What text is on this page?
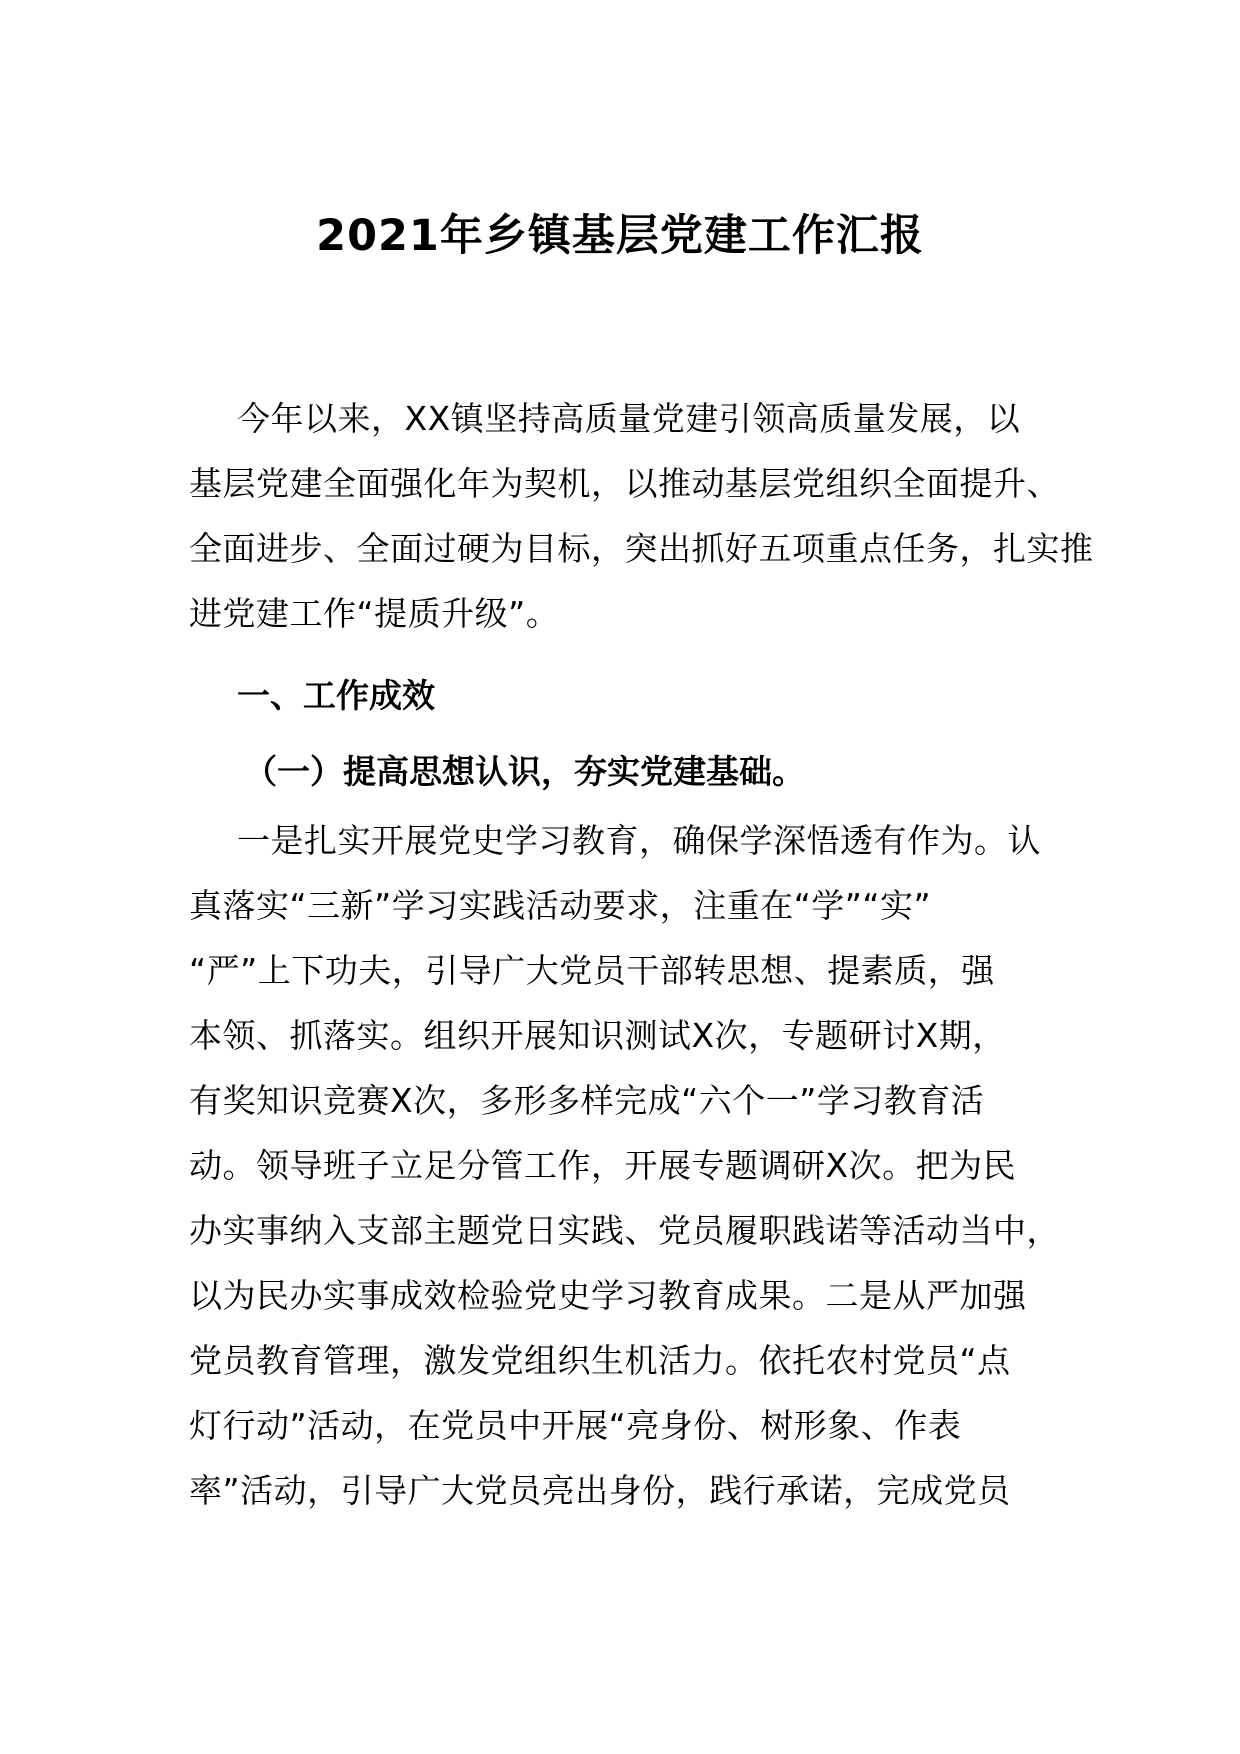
2021年乡镇基层党建工作汇报
今年以来，XX镇坚持高质量党建引领高质量发展，以
基层党建全面强化年为契机，以推动基层党组织全面提升、
全面进步、全面过硬为目标，突出抓好五项重点任务，扎实推
进党建工作“提质升级”。
一、工作成效
（一）提高思想认识，夯实党建基础。
一是扎实开展党史学习教育，确保学深悟透有作为。认
真落实“三新”学习实践活动要求，注重在“学”“实”
“严”上下功夫，引导广大党员干部转思想、提素质，强
本领、抓落实。组织开展知识测试X次，专题研讨X期，
有奖知识竞赛X次，多形多样完成“六个一”学习教育活
动。领导班子立足分管工作，开展专题调研X次。把为民
办实事纳入支部主题党日实践、党员履职践诺等活动当中，
以为民办实事成效检验党史学习教育成果。二是从严加强
党员教育管理，激发党组织生机活力。依托农村党员“点
灯行动”活动，在党员中开展“亮身份、树形象、作表
率”活动，引导广大党员亮出身份，践行承诺，完成党员
